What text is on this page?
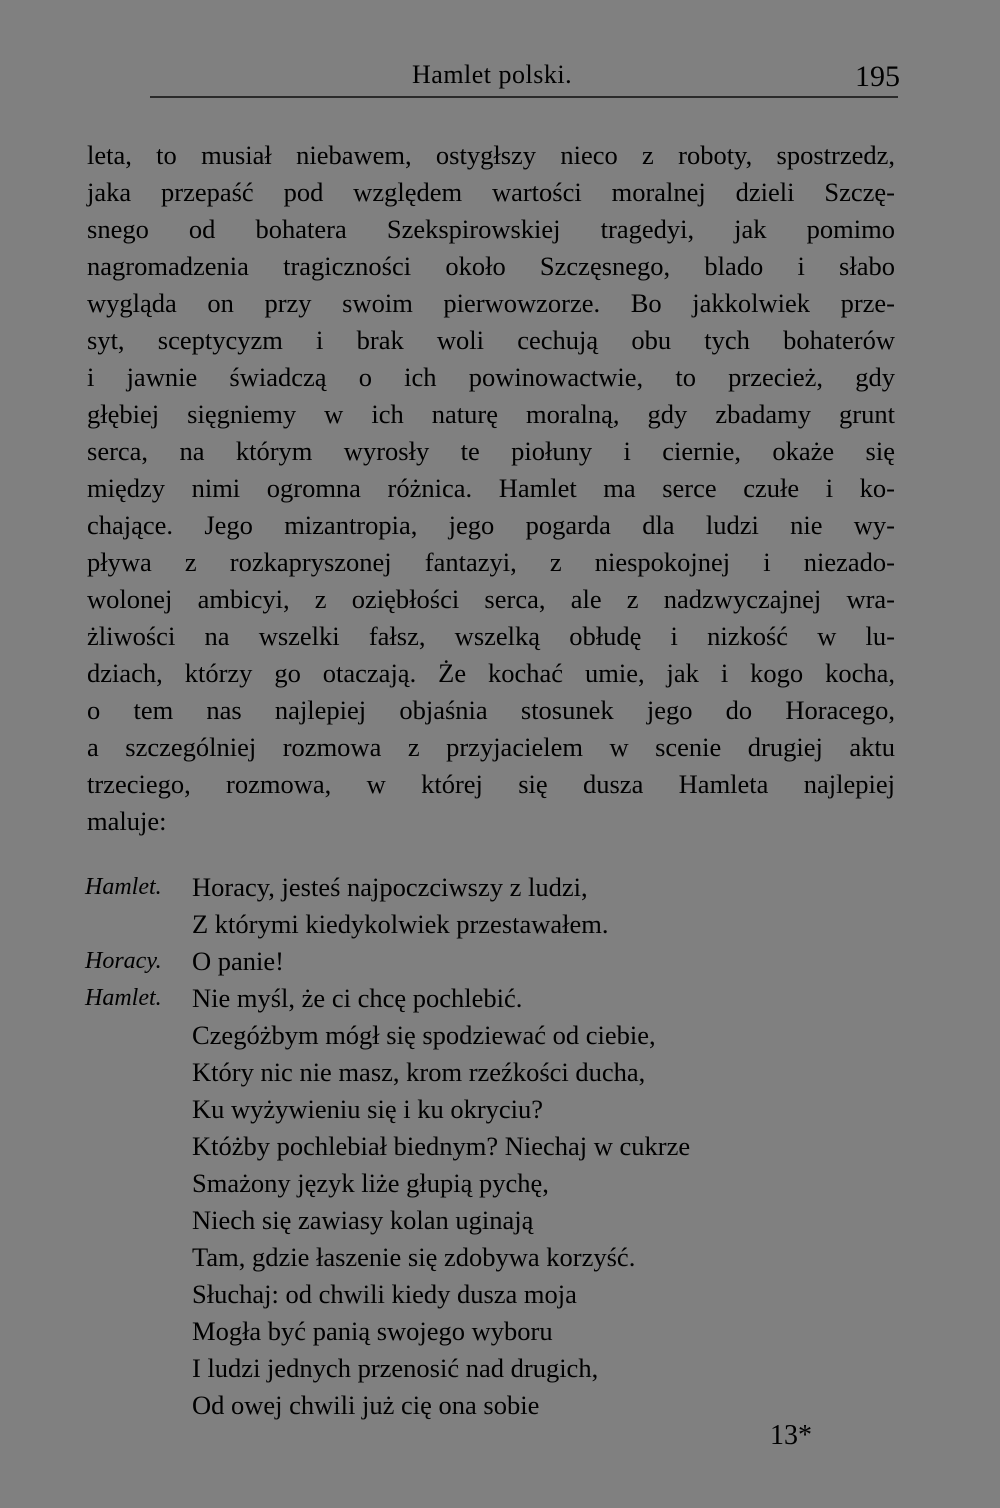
Hamlet polski.	195
leta, to musiał niebawem, ostygłszy nieco z roboty, spostrzedz,
jaka przepaść pod względem wartości moralnej dzieli Szczę-
snego od bohatera Szekspirowskiej tragedyi, jak pomimo
nagromadzenia tragiczności około Szczęsnego, blado i słabo
wygląda on przy swoim pierwowzorze. Bo jakkolwiek prze-
syt, sceptycyzm i brak woli cechują obu tych bohaterów
i jawnie świadczą o ich powinowactwie, to przecież, gdy
głębiej sięgniemy w ich naturę moralną, gdy zbadamy grunt
serca, na którym wyrosły te piołuny i ciernie, okaże się
między nimi ogromna różnica. Hamlet ma serce czułe i ko-
chające. Jego mizantropia, jego pogarda dla ludzi nie wy-
pływa z rozkapryszonej fantazyi, z niespokojnej i niezado-
wolonej ambicyi, z oziębłości serca, ale z nadzwyczajnej wra-
żliwości na wszelki fałsz, wszelką obłudę i nizkość w lu-
dziach, którzy go otaczają. Że kochać umie, jak i kogo kocha,
o tem nas najlepiej objaśnia stosunek jego do Horacego,
a szczególniej rozmowa z przyjacielem w scenie drugiej aktu
trzeciego, rozmowa, w której się dusza Hamleta najlepiej
maluje:
Hamlet.	Horacy, jesteś najpoczciwszy z ludzi,
Z którymi kiedykolwiek przestawałem.
Horacy.	O panie!
Hamlet.	Nie myśl, że ci chcę pochlebić.
Czegóżbym mógł się spodziewać od ciebie,
Który nic nie masz, krom rzeźkości ducha,
Ku wyżywieniu się i ku okryciu?
Któżby pochlebiał biednym? Niechaj w cukrze
Smażony język liże głupią pychę,
Niech się zawiasy kolan uginają
Tam, gdzie łaszenie się zdobywa korzyść.
Słuchaj: od chwili kiedy dusza moja
Mogła być panią swojego wyboru
I ludzi jednych przenosić nad drugich,
Od owej chwili już cię ona sobie
13*
